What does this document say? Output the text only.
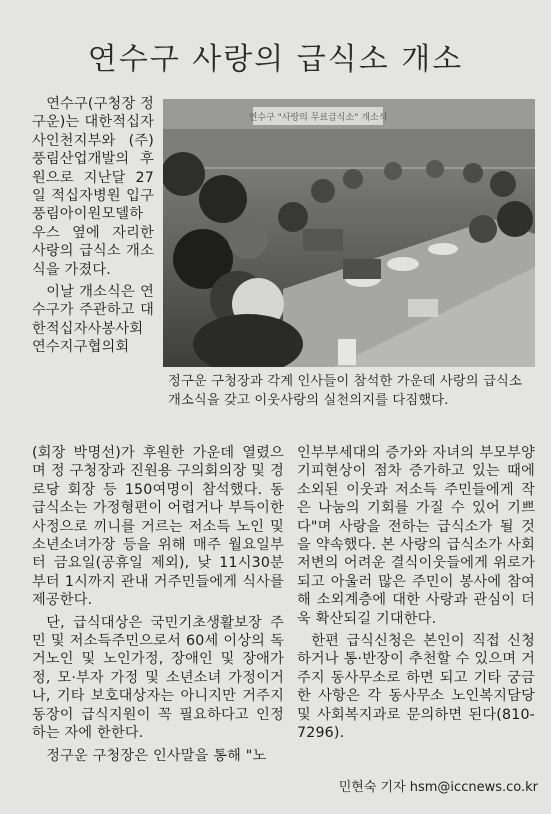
연수구 사랑의 급식소 개소

연수구(구청장 정구운)는 대한적십자사인천지부와 (주)풍림산업개발의 후원으로 지난달 27일 적십자병원 입구 풍림아이원모델하우스 옆에 자리한 사랑의 급식소 개소식을 가졌다.

이날 개소식은 연수구가 주관하고 대한적십자사봉사회연수지구협의회

연수구 "사랑의 무료급식소" 개소식
정구운 구청장과 각계 인사들이 참석한 가운데 사랑의 급식소 개소식을 갖고 이웃사랑의 실천의지를 다짐했다.

(회장 박명선)가 후원한 가운데 열렸으며 정 구청장과 진원용 구의회의장 및 경로당 회장 등 150여명이 참석했다. 동 급식소는 가정형편이 어렵거나 부득이한 사정으로 끼니를 거르는 저소득 노인 및 소년소녀가장 등을 위해 매주 월요일부터 금요일(공휴일 제외), 낮 11시30분부터 1시까지 관내 거주민들에게 식사를 제공한다.

단, 급식대상은 국민기초생활보장 주민 및 저소득주민으로서 60세 이상의 독거노인 및 노인가정, 장애인 및 장애가정, 모·부자 가정 및 소년소녀 가정이거나, 기타 보호대상자는 아니지만 거주지 동장이 급식지원이 꼭 필요하다고 인정하는 자에 한한다.

정구운 구청장은 인사말을 통해 "노

인부부세대의 증가와 자녀의 부모부양 기피현상이 점차 증가하고 있는 때에 소외된 이웃과 저소득 주민들에게 작은 나눔의 기회를 가질 수 있어 기쁘다"며 사랑을 전하는 급식소가 될 것을 약속했다. 본 사랑의 급식소가 사회 저변의 어려운 결식이웃들에게 위로가 되고 아울러 많은 주민이 봉사에 참여해 소외계층에 대한 사랑과 관심이 더욱 확산되길 기대한다.

한편 급식신청은 본인이 직접 신청하거나 통·반장이 추천할 수 있으며 거주지 동사무소로 하면 되고 기타 궁금한 사항은 각 동사무소 노인복지담당 및 사회복지과로 문의하면 된다(810-7296).

민현숙 기자 hsm@iccnews.co.kr
